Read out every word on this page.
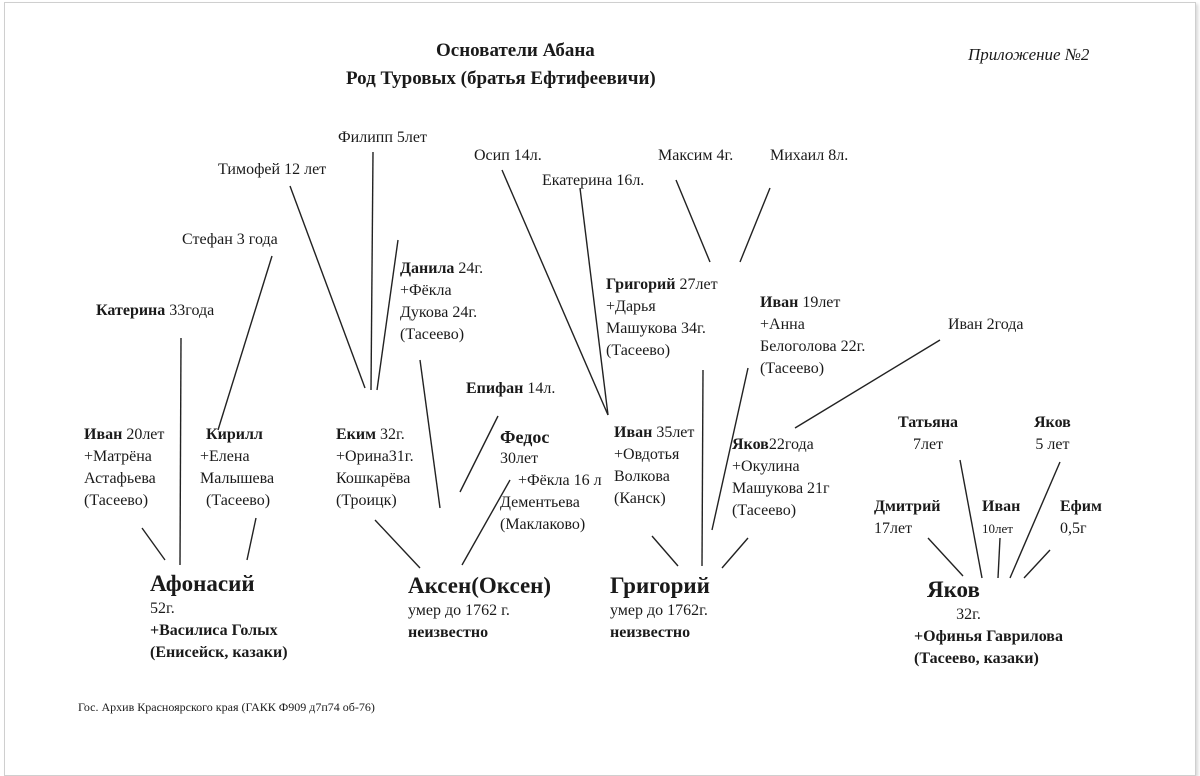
Основатели Абана
Род Туровых (братья Ефтифеевичи)
Приложение №2
Филипп 5лет
Тимофей 12 лет
Стефан 3 года
Катерина 33года
Данила 24г.
+Фёкла
Дукова 24г.
(Тасеево)
Осип 14л.
Екатерина 16л.
Максим 4г. Михаил 8л.
Григорий 27лет
+Дарья
Машукова 34г.
(Тасеево)
Иван 19лет
+Анна
Белоголова 22г.
(Тасеево)
Иван 2года
Епифан 14л.
Иван 20лет
+Матрёна
Астафьева
(Тасеево)
Кирилл
+Елена
Малышева
(Тасеево)
Еким 32г.
+Орина31г.
Кошкарёва
(Троицк)
Федос
30лет
+Фёкла 16 л
Дементьева
(Маклаково)
Иван 35лет
+Овдотья
Волкова
(Канск)
Яков22года
+Окулина
Машукова 21г
(Тасеево)
Татьяна
7лет
Яков
5 лет
Дмитрий
17лет
Иван
10лет
Ефим
0,5г
Афонасий
52г.
+Василиса Голых
(Енисейск, казаки)
Аксен(Оксен)
умер до 1762 г.
неизвестно
Григорий
умер до 1762г.
неизвестно
Яков
32г.
+Офинья Гаврилова
(Тасеево, казаки)
Гос. Архив Красноярского края (ГАКК Ф909 д7п74 об-76)
